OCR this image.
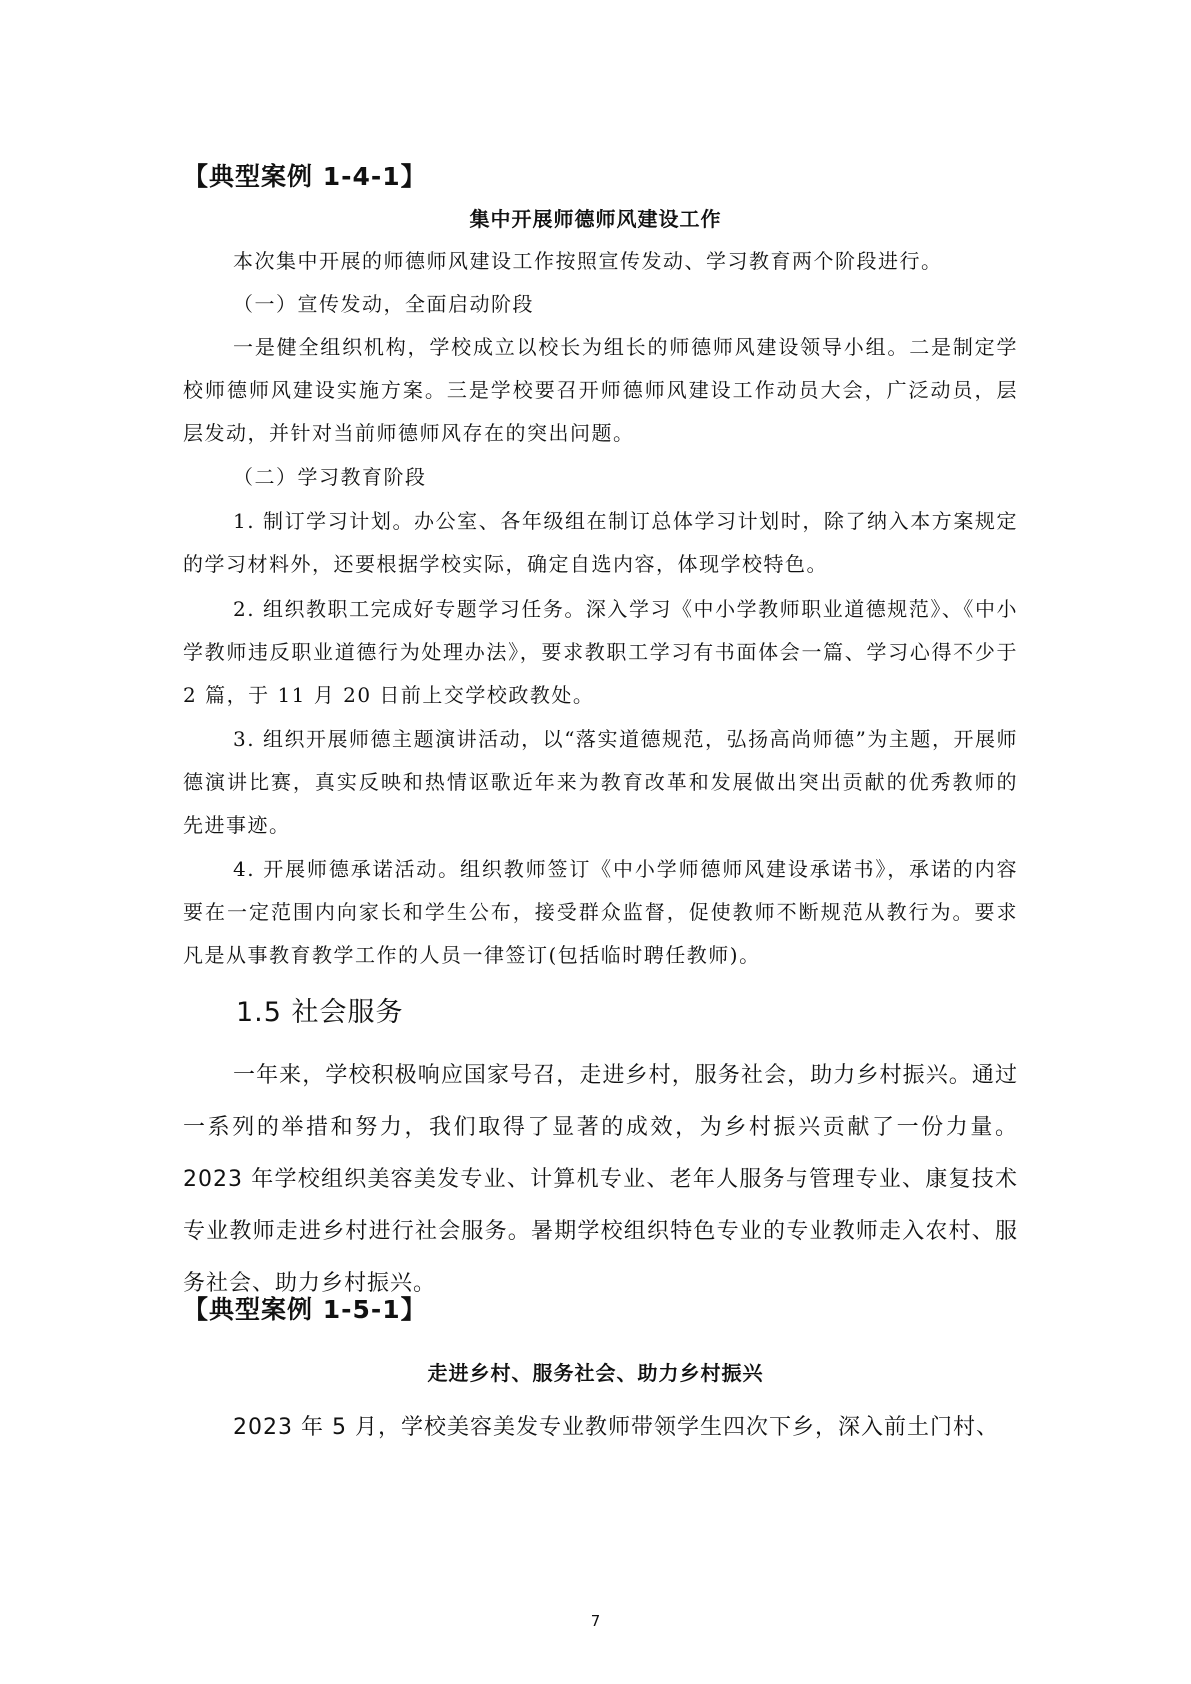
【典型案例 1-4-1】
集中开展师德师风建设工作
本次集中开展的师德师风建设工作按照宣传发动、学习教育两个阶段进行。
（一）宣传发动，全面启动阶段
一是健全组织机构，学校成立以校长为组长的师德师风建设领导小组。二是制定学校师德师风建设实施方案。三是学校要召开师德师风建设工作动员大会，广泛动员，层层发动，并针对当前师德师风存在的突出问题。
（二）学习教育阶段
1. 制订学习计划。办公室、各年级组在制订总体学习计划时，除了纳入本方案规定的学习材料外，还要根据学校实际，确定自选内容，体现学校特色。
2. 组织教职工完成好专题学习任务。深入学习《中小学教师职业道德规范》、《中小学教师违反职业道德行为处理办法》，要求教职工学习有书面体会一篇、学习心得不少于 2 篇，于 11 月 20 日前上交学校政教处。
3. 组织开展师德主题演讲活动，以“落实道德规范，弘扬高尚师德”为主题，开展师德演讲比赛，真实反映和热情讴歌近年来为教育改革和发展做出突出贡献的优秀教师的先进事迹。
4. 开展师德承诺活动。组织教师签订《中小学师德师风建设承诺书》，承诺的内容要在一定范围内向家长和学生公布，接受群众监督，促使教师不断规范从教行为。要求凡是从事教育教学工作的人员一律签订(包括临时聘任教师)。
1.5 社会服务
一年来，学校积极响应国家号召，走进乡村，服务社会，助力乡村振兴。通过一系列的举措和努力，我们取得了显著的成效，为乡村振兴贡献了一份力量。2023 年学校组织美容美发专业、计算机专业、老年人服务与管理专业、康复技术专业教师走进乡村进行社会服务。暑期学校组织特色专业的专业教师走入农村、服务社会、助力乡村振兴。
【典型案例 1-5-1】
走进乡村、服务社会、助力乡村振兴
2023 年 5 月，学校美容美发专业教师带领学生四次下乡，深入前土门村、
7
